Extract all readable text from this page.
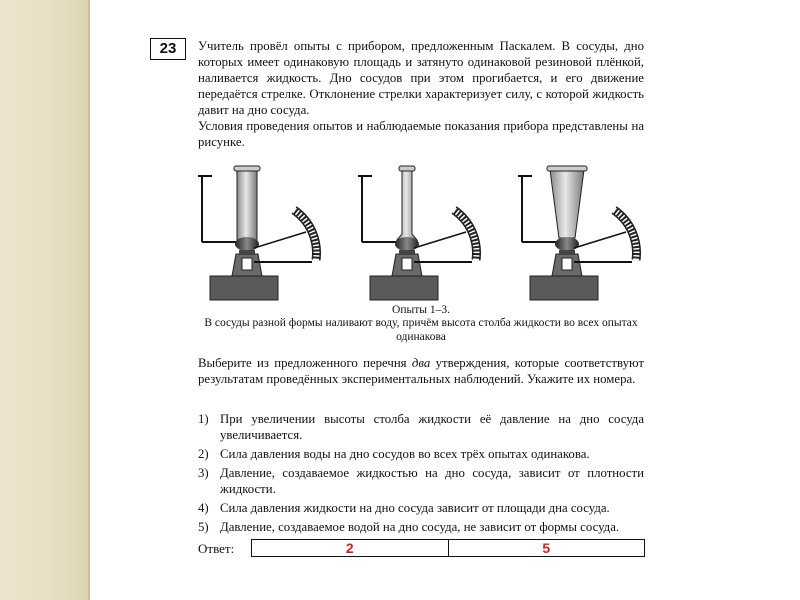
23	Учитель провёл опыты с прибором, предложенным Паскалем. В сосуды, дно которых имеет одинаковую площадь и затянуто одинаковой резиновой плёнкой, наливается жидкость. Дно сосудов при этом прогибается, и его движение передаётся стрелке. Отклонение стрелки характеризует силу, с которой жидкость давит на дно сосуда.
Условия проведения опытов и наблюдаемые показания прибора представлены на рисунке.
Опыты 1–3.
В сосуды разной формы наливают воду, причём высота столба жидкости во всех опытах одинакова
Выберите из предложенного перечня два утверждения, которые соответствуют результатам проведённых экспериментальных наблюдений. Укажите их номера.
1) При увеличении высоты столба жидкости её давление на дно сосуда увеличивается.
2) Сила давления воды на дно сосудов во всех трёх опытах одинакова.
3) Давление, создаваемое жидкостью на дно сосуда, зависит от плотности жидкости.
4) Сила давления жидкости на дно сосуда зависит от площади дна сосуда.
5) Давление, создаваемое водой на дно сосуда, не зависит от формы сосуда.
Ответ:	2	5
